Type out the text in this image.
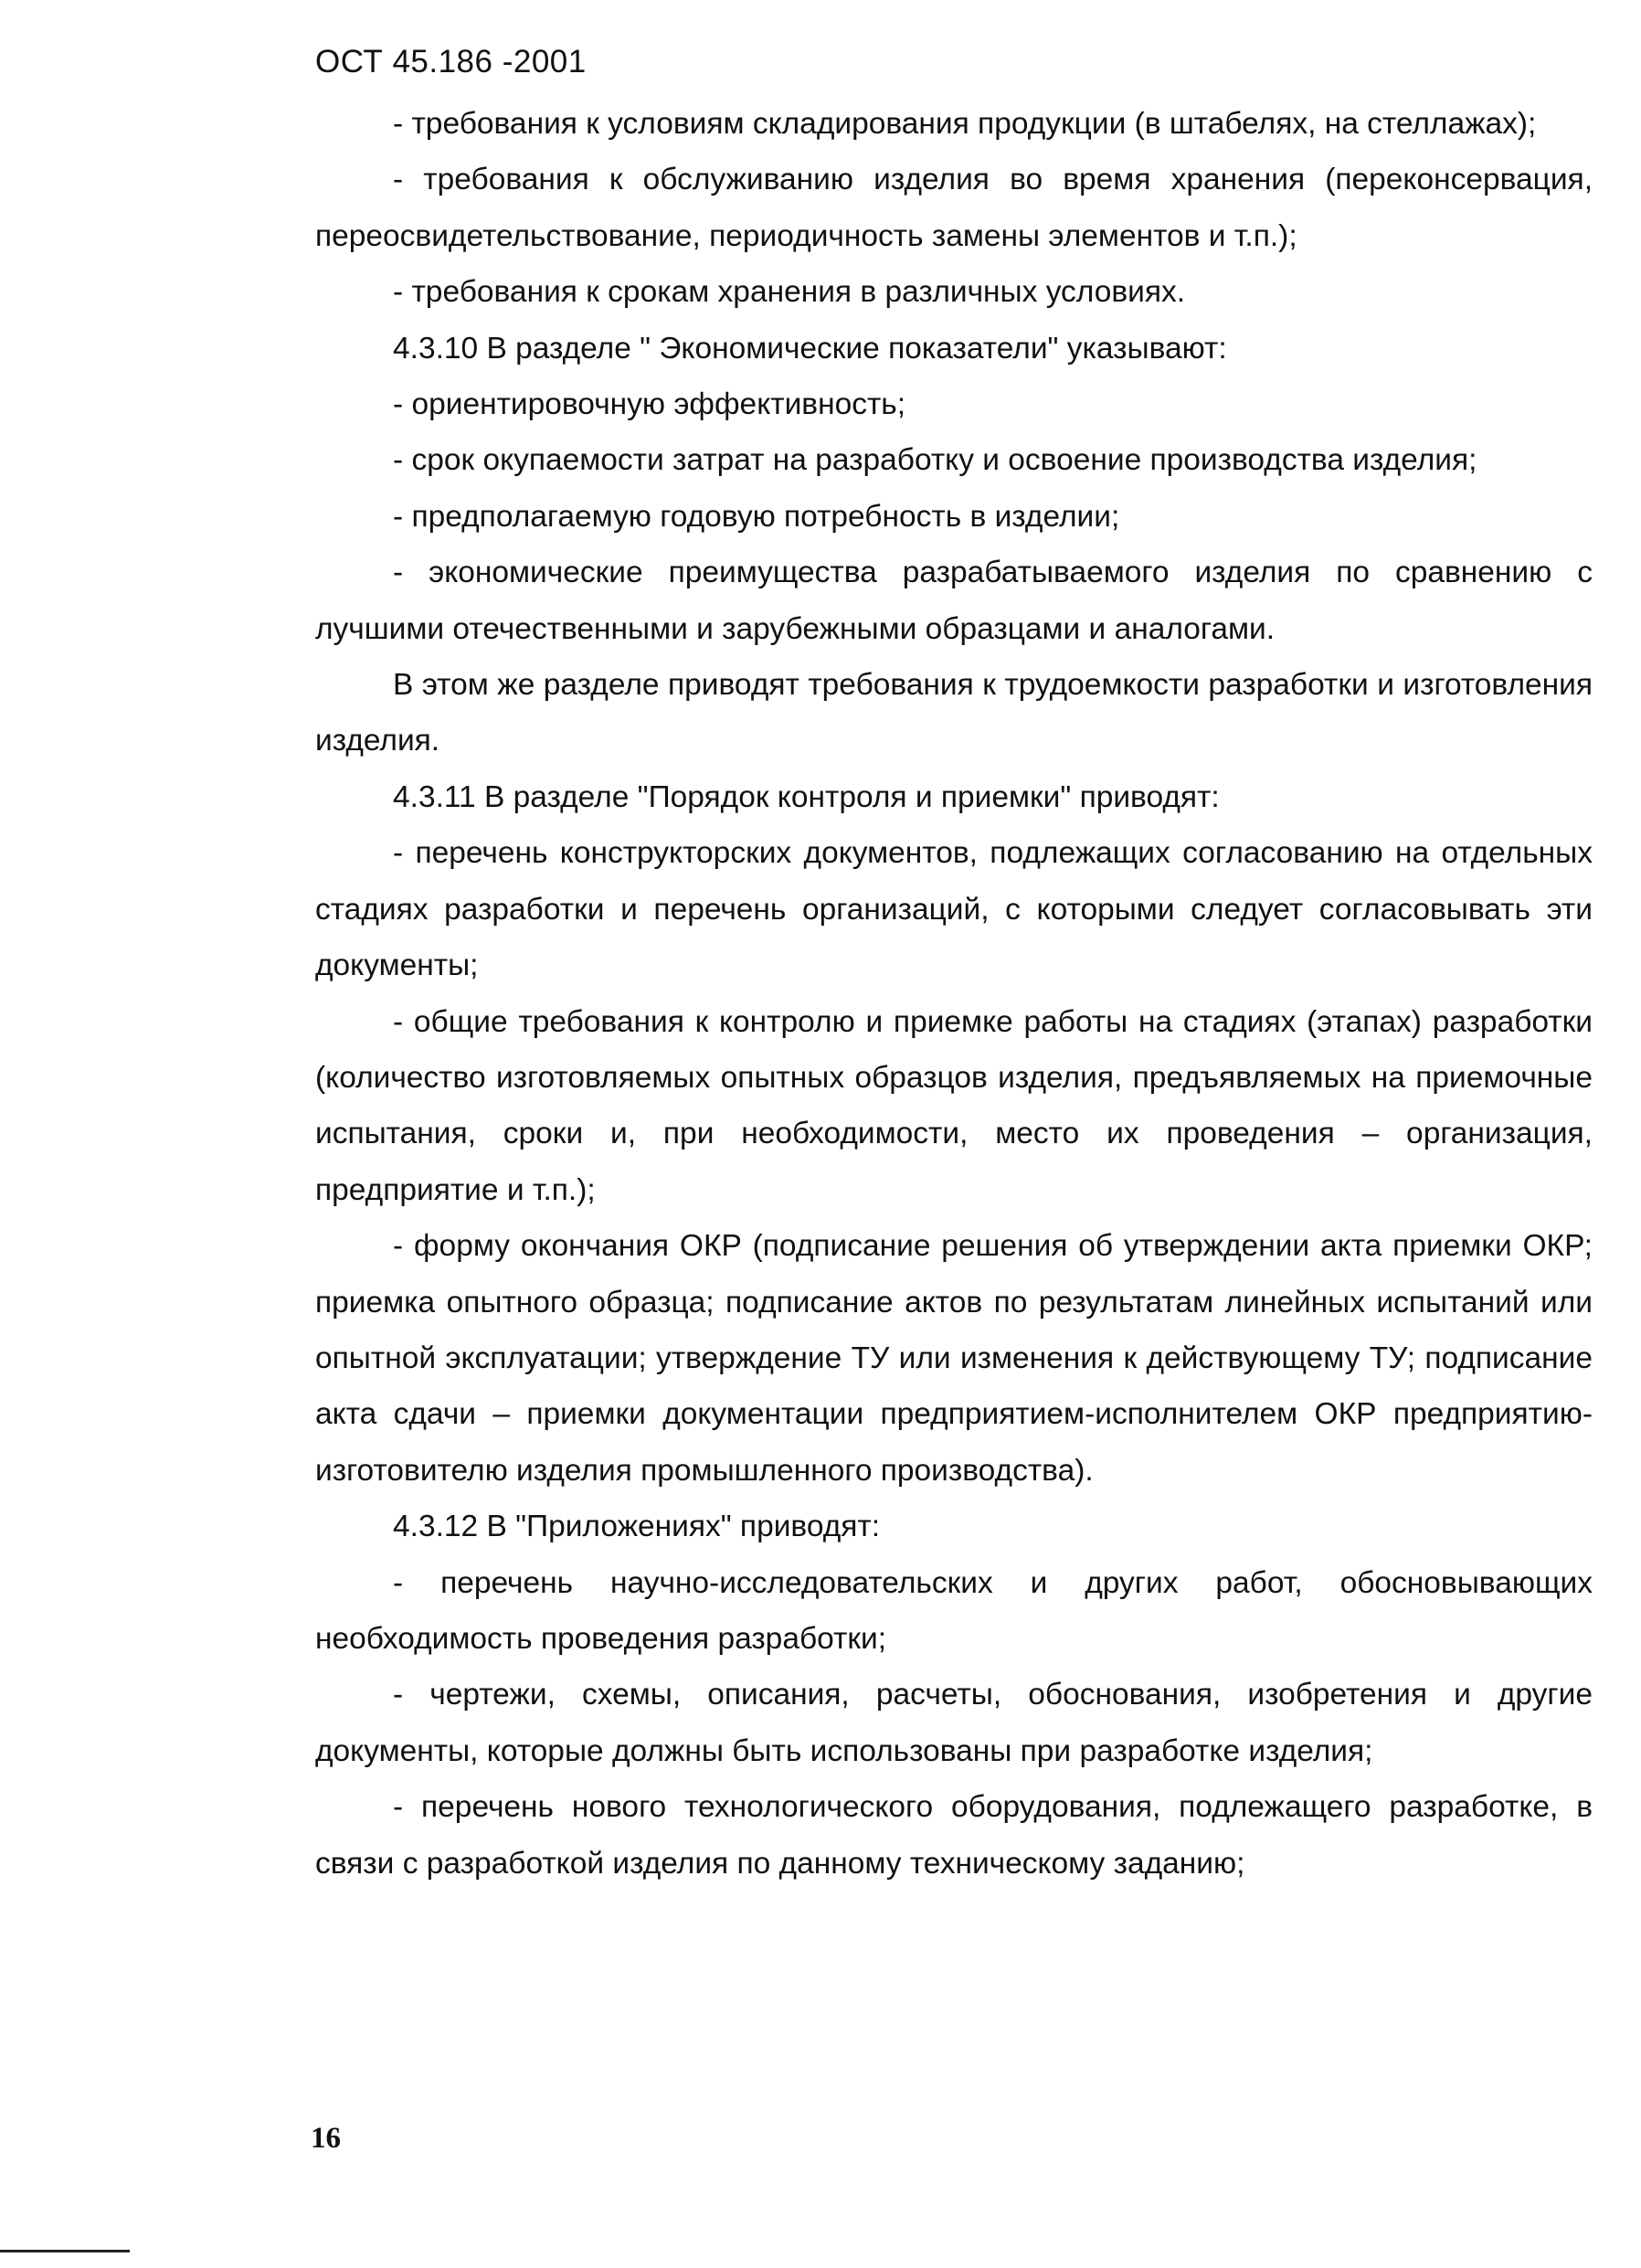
ОСТ 45.186 -2001

- требования к условиям складирования продукции (в штабелях, на стеллажах);

- требования к обслуживанию изделия во время хранения (переконсервация, переосвидетельствование, периодичность замены элементов и т.п.);

- требования к срокам хранения в различных условиях.

4.3.10 В разделе " Экономические показатели" указывают:

- ориентировочную эффективность;

- срок окупаемости затрат на разработку и освоение производства изделия;

- предполагаемую годовую потребность в изделии;

- экономические преимущества разрабатываемого изделия по сравнению с лучшими отечественными и зарубежными образцами и аналогами.

В этом же разделе приводят требования к трудоемкости разработки и изготовления изделия.

4.3.11 В разделе "Порядок контроля и приемки" приводят:

- перечень конструкторских документов, подлежащих согласованию на отдельных стадиях разработки и перечень организаций, с которыми следует согласовывать эти документы;

- общие требования к контролю и приемке работы на стадиях (этапах) разработки (количество изготовляемых опытных образцов изделия, предъявляемых на приемочные испытания, сроки и, при необходимости, место их проведения – организация, предприятие и т.п.);

- форму окончания ОКР (подписание решения об утверждении акта приемки ОКР; приемка опытного образца; подписание актов по результатам линейных испытаний или опытной эксплуатации; утверждение ТУ или изменения к действующему ТУ; подписание акта сдачи – приемки документации предприятием-исполнителем ОКР предприятию-изготовителю изделия промышленного производства).

4.3.12 В "Приложениях" приводят:

- перечень научно-исследовательских и других работ, обосновывающих необходимость проведения разработки;

- чертежи, схемы, описания, расчеты, обоснования, изобретения и другие документы, которые должны быть использованы при разработке изделия;

- перечень нового технологического оборудования, подлежащего разработке, в связи с разработкой изделия по данному техническому заданию;

16
